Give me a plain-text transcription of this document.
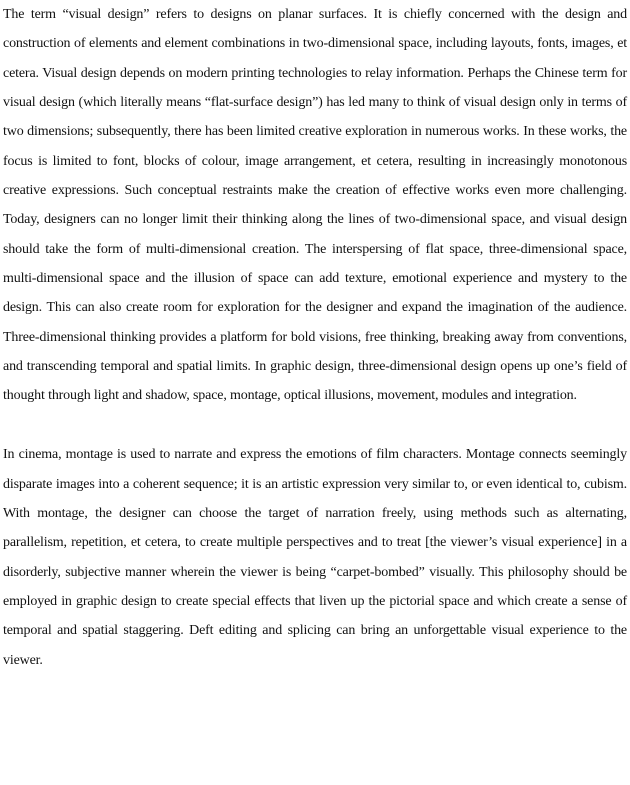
The term “visual design” refers to designs on planar surfaces. It is chiefly concerned with the design and construction of elements and element combinations in two-dimensional space, including layouts, fonts, images, et cetera. Visual design depends on modern printing technologies to relay information. Perhaps the Chinese term for visual design (which literally means “flat-surface design”) has led many to think of visual design only in terms of two dimensions; subsequently, there has been limited creative exploration in numerous works. In these works, the focus is limited to font, blocks of colour, image arrangement, et cetera, resulting in increasingly monotonous creative expressions. Such conceptual restraints make the creation of effective works even more challenging. Today, designers can no longer limit their thinking along the lines of two-dimensional space, and visual design should take the form of multi-dimensional creation. The interspersing of flat space, three-dimensional space, multi-dimensional space and the illusion of space can add texture, emotional experience and mystery to the design. This can also create room for exploration for the designer and expand the imagination of the audience. Three-dimensional thinking provides a platform for bold visions, free thinking, breaking away from conventions, and transcending temporal and spatial limits. In graphic design, three-dimensional design opens up one’s field of thought through light and shadow, space, montage, optical illusions, movement, modules and integration.

In cinema, montage is used to narrate and express the emotions of film characters. Montage connects seemingly disparate images into a coherent sequence; it is an artistic expression very similar to, or even identical to, cubism. With montage, the designer can choose the target of narration freely, using methods such as alternating, parallelism, repetition, et cetera, to create multiple perspectives and to treat [the viewer’s visual experience] in a disorderly, subjective manner wherein the viewer is being “carpet-bombed” visually. This philosophy should be employed in graphic design to create special effects that liven up the pictorial space and which create a sense of temporal and spatial staggering. Deft editing and splicing can bring an unforgettable visual experience to the viewer.
